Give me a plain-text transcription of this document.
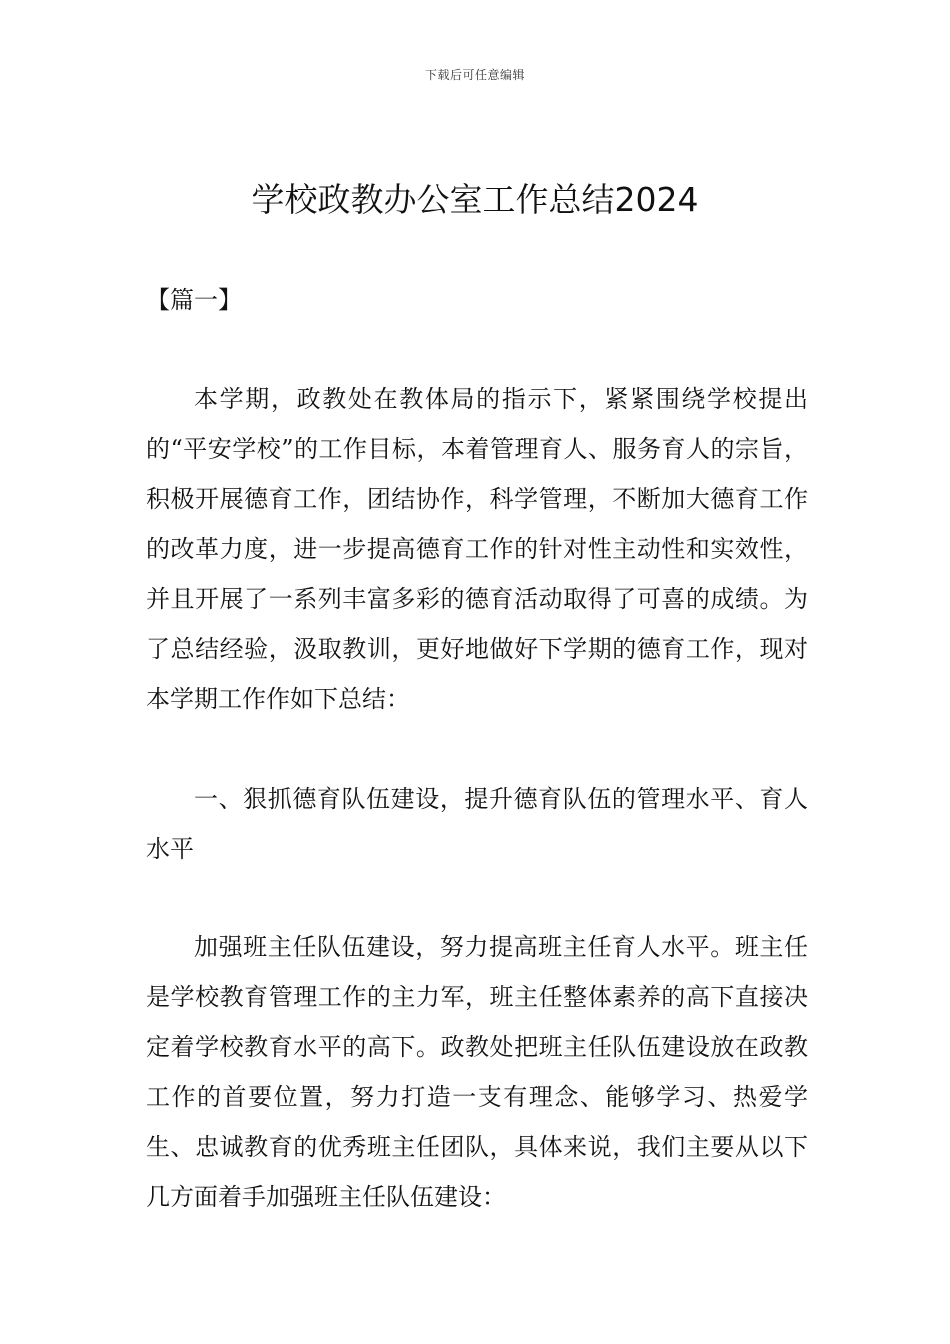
下载后可任意编辑
学校政教办公室工作总结2024
【篇一】

本学期，政教处在教体局的指示下，紧紧围绕学校提出的“平安学校”的工作目标，本着管理育人、服务育人的宗旨，积极开展德育工作，团结协作，科学管理，不断加大德育工作的改革力度，进一步提高德育工作的针对性主动性和实效性，并且开展了一系列丰富多彩的德育活动取得了可喜的成绩。为了总结经验，汲取教训，更好地做好下学期的德育工作，现对本学期工作作如下总结：

一、狠抓德育队伍建设，提升德育队伍的管理水平、育人水平

加强班主任队伍建设，努力提高班主任育人水平。班主任是学校教育管理工作的主力军，班主任整体素养的高下直接决定着学校教育水平的高下。政教处把班主任队伍建设放在政教工作的首要位置，努力打造一支有理念、能够学习、热爱学生、忠诚教育的优秀班主任团队，具体来说，我们主要从以下几方面着手加强班主任队伍建设：
